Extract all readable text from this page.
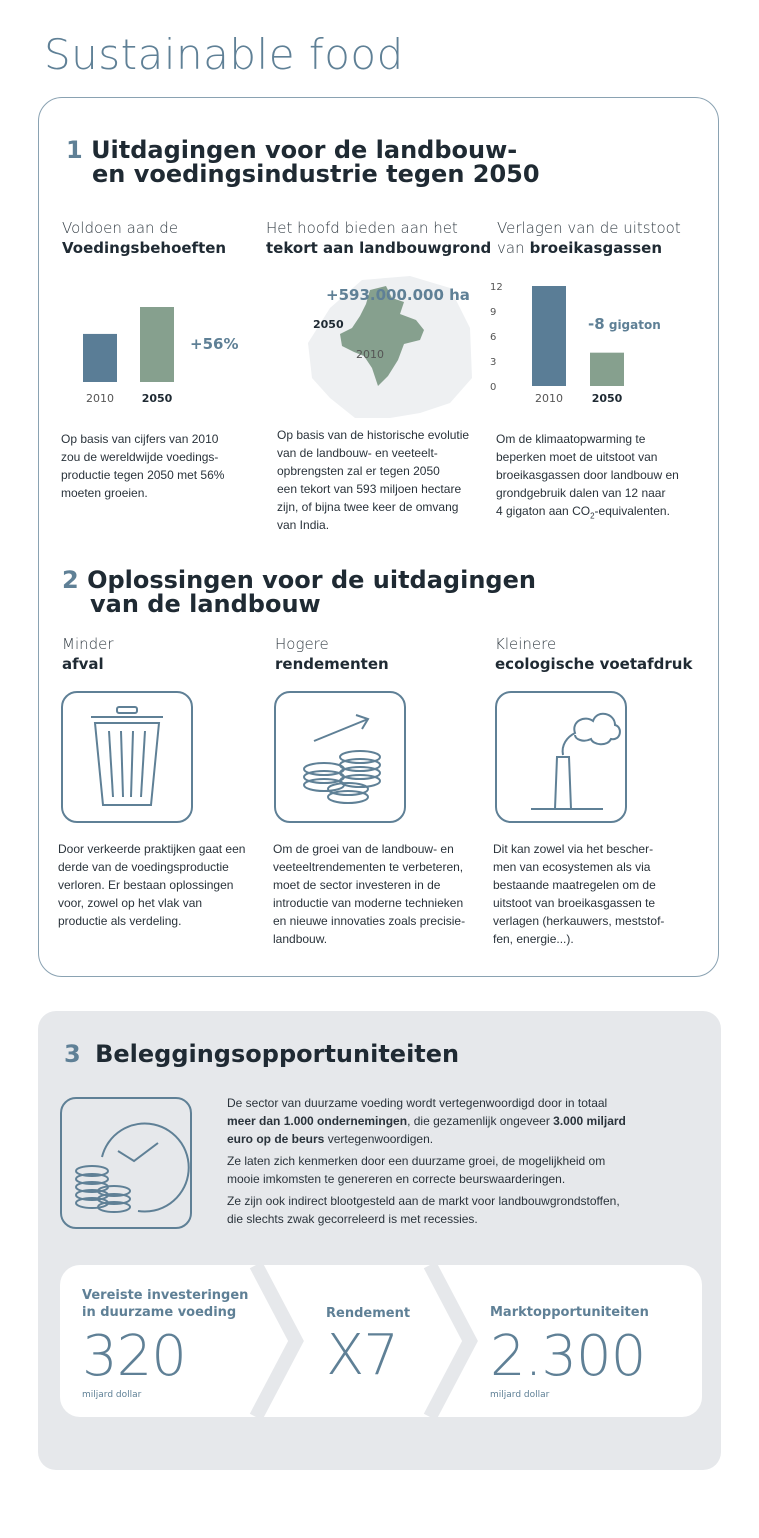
Sustainable food
1 Uitdagingen voor de landbouw-
en voedingsindustrie tegen 2050
Voldoen aan de
Voedingsbehoeften
2010	2050
+56%
Op basis van cijfers van 2010
zou de wereldwijde voedings-
productie tegen 2050 met 56%
moeten groeien.
Het hoofd bieden aan het
tekort aan landbouwgrond
+593.000.000 ha
2050
2010
Op basis van de historische evolutie
van de landbouw- en veeteelt-
opbrengsten zal er tegen 2050
een tekort van 593 miljoen hectare
zijn, of bijna twee keer de omvang
van India.
Verlagen van de uitstoot
van broeikasgassen
0
3
6
9
12
2010	2050
-8 gigaton
Om de klimaatopwarming te
beperken moet de uitstoot van
broeikasgassen door landbouw en
grondgebruik dalen van 12 naar
4 gigaton aan $CO_2$-equivalenten.
2 Oplossingen voor de uitdagingen
van de landbouw
Minder
afval
Door verkeerde praktijken gaat een
derde van de voedingsproductie
verloren. Er bestaan oplossingen
voor, zowel op het vlak van
productie als verdeling.
Hogere
rendementen
Om de groei van de landbouw- en
veeteeltrendementen te verbeteren,
moet de sector investeren in de
introductie van moderne technieken
en nieuwe innovaties zoals precisie-
landbouw.
Kleinere
ecologische voetafdruk
Dit kan zowel via het bescher-
men van ecosystemen als via
bestaande maatregelen om de
uitstoot van broeikasgassen te
verlagen (herkauwers, meststof-
fen, energie...).
3 Beleggingsopportuniteiten

De sector van duurzame voeding wordt vertegenwoordigd door in totaal
meer dan 1.000 ondernemingen, die gezamenlijk ongeveer 3.000 miljard
euro op de beurs vertegenwoordigen.

Ze laten zich kenmerken door een duurzame groei, de mogelijkheid om
mooie imkomsten te genereren en correcte beurswaarderingen.

Ze zijn ook indirect blootgesteld aan de markt voor landbouwgrondstoffen,
die slechts zwak gecorreleerd is met recessies.

Vereiste investeringen
in duurzame voeding
320
miljard dollar
Rendement
X7
Marktopportuniteiten
2.300
miljard dollar
